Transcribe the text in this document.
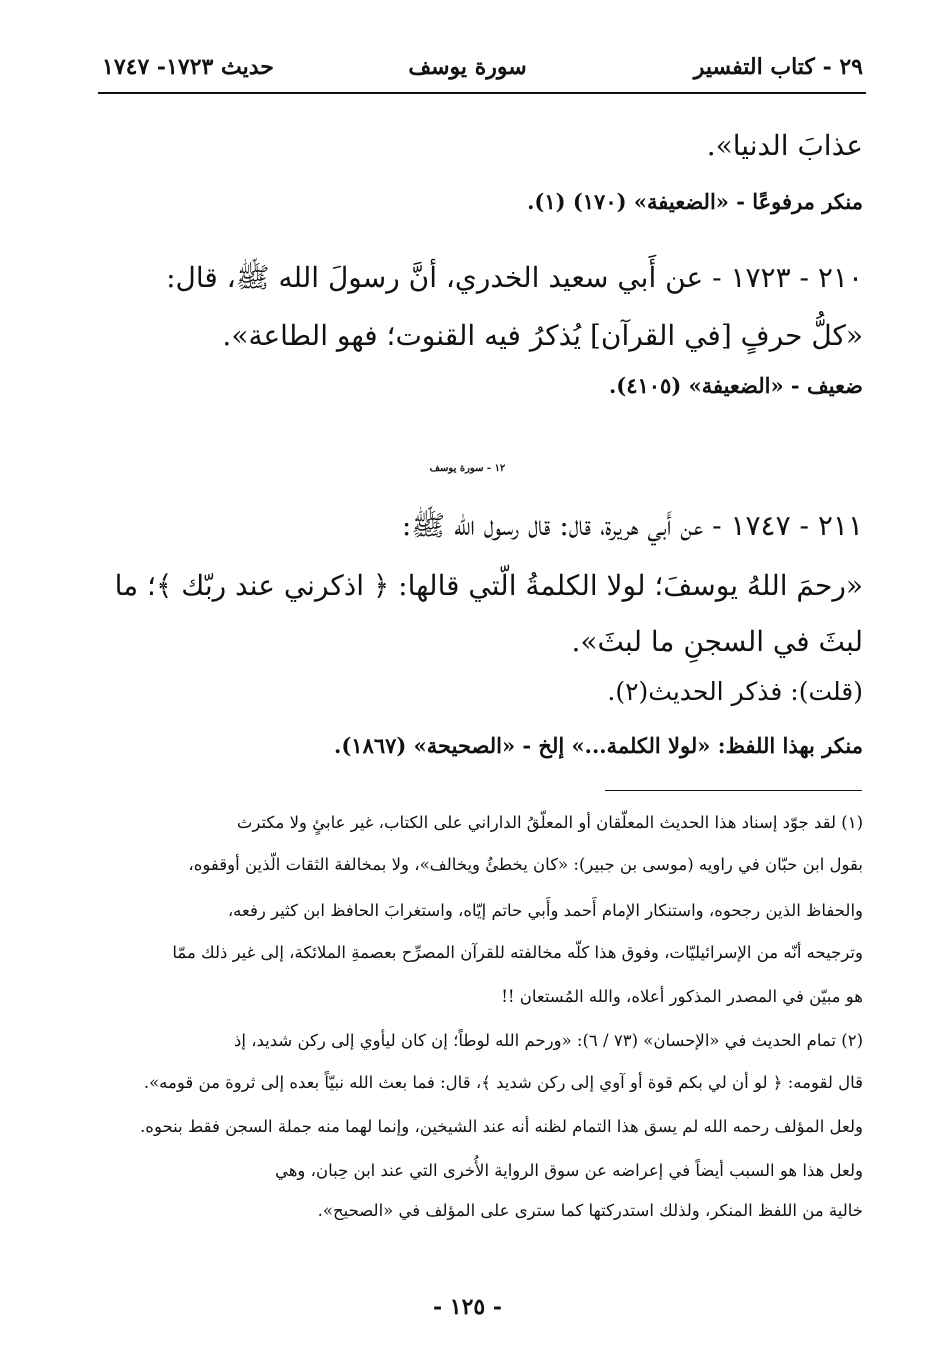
٢٩ - كتاب التفسير
سورة يوسف
حديث ١٧٢٣- ١٧٤٧
عذابَ الدنيا».
منكر مرفوعًا - «الضعيفة» (١٧٠) (١).
٢١٠ - ١٧٢٣ - عن أَبي سعيد الخدري، أنَّ رسولَ الله ﷺ، قال:
«كلُّ حرفٍ [في القرآن] يُذكرُ فيه القنوت؛ فهو الطاعة».
ضعيف - «الضعيفة» (٤١٠٥).
١٢ - سورة يوسف
٢١١ - ١٧٤٧ - عن أَبي هريرة، قال: قال رسول الله ﷺ:
«رحمَ اللهُ يوسفَ؛ لولا الكلمةُ الّتي قالها: ﴿ اذكرني عند ربّك ﴾؛ ما
لبثَ في السجنِ ما لبثَ».
(قلت): فذكر الحديث(٢).
منكر بهذا اللفظ: «لولا الكلمة...» إلخ - «الصحيحة» (١٨٦٧).
(١) لقد جوّد إسناد هذا الحديث المعلّقان أو المعلّقُ الداراني على الكتاب، غير عابئٍ ولا مكترث
بقول ابن حبّان في راويه (موسى بن جبير): «كان يخطئُ ويخالف»، ولا بمخالفة الثقات الّذين أوقفوه،
والحفاظ الذين رجحوه، واستنكار الإمام أَحمد وأَبي حاتم إيّاه، واستغرابَ الحافظ ابن كثير رفعه،
وترجيحه أنّه من الإسرائيليّات، وفوق هذا كلّه مخالفته للقرآن المصرِّح بعصمةِ الملائكة، إلى غير ذلك ممّا
هو مبيّن في المصدر المذكور أعلاه، والله المُستعان !!
(٢) تمام الحديث في «الإحسان» (٧٣ / ٦): «ورحم الله لوطاً؛ إن كان ليأوي إلى ركن شديد، إذ
قال لقومه: ﴿ لو أن لي بكم قوة أو آوي إلى ركن شديد ﴾، قال: فما بعث الله نبيّاً بعده إلى ثروة من قومه».
ولعل المؤلف رحمه الله لم يسق هذا التمام لظنه أنه عند الشيخين، وإنما لهما منه جملة السجن فقط بنحوه.
ولعل هذا هو السبب أيضاً في إعراضه عن سوق الرواية الأُخرى التي عند ابن حِبان، وهي
خالية من اللفظ المنكر، ولذلك استدركتها كما سترى على المؤلف في «الصحيح».
- ١٢٥ -
